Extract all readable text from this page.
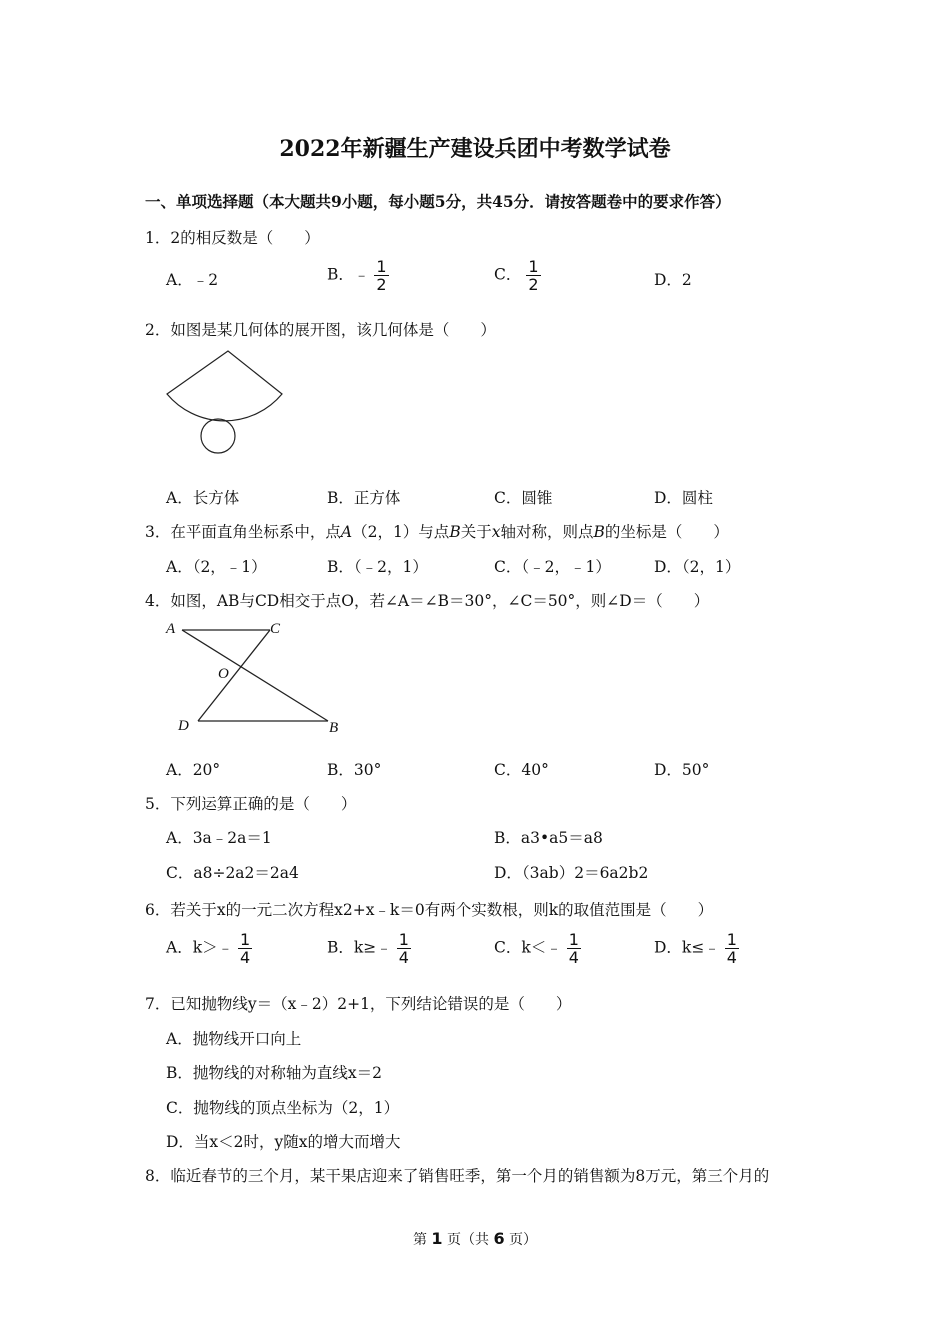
2022年新疆生产建设兵团中考数学试卷
一、单项选择题（本大题共9小题，每小题5分，共45分．请按答题卷中的要求作答）
1．2的相反数是（　　）
A．﹣2	B．﹣ $\frac{1}{2}$	C． $\frac{1}{2}$	D．2
2．如图是某几何体的展开图，该几何体是（　　）
A．长方体	B．正方体	C．圆锥	D．圆柱
3．在平面直角坐标系中，点A（2，1）与点B关于x轴对称，则点B的坐标是（　　）
A．（2，﹣1）	B．（﹣2，1）	C．（﹣2，﹣1）	D．（2，1）
4．如图，AB与CD相交于点O，若∠A＝∠B＝30°，∠C＝50°，则∠D＝（　　）
A	C
O
D	B
A．20°	B．30°	C．40°	D．50°
5．下列运算正确的是（　　）
A．3a﹣2a＝1	B．a3•a5＝a8
C．a8÷2a2＝2a4	D．（3ab）2＝6a2b2
6．若关于x的一元二次方程x2+x﹣k＝0有两个实数根，则k的取值范围是（　　）
A．k＞﹣ $\frac{1}{4}$	B．k≥﹣ $\frac{1}{4}$	C．k＜﹣ $\frac{1}{4}$	D．k≤﹣ $\frac{1}{4}$
7．已知抛物线y＝（x﹣2）2+1，下列结论错误的是（　　）
A．抛物线开口向上
B．抛物线的对称轴为直线x＝2
C．抛物线的顶点坐标为（2，1）
D．当x＜2时，y随x的增大而增大
8．临近春节的三个月，某干果店迎来了销售旺季，第一个月的销售额为8万元，第三个月的
第 1 页（共 6 页）
